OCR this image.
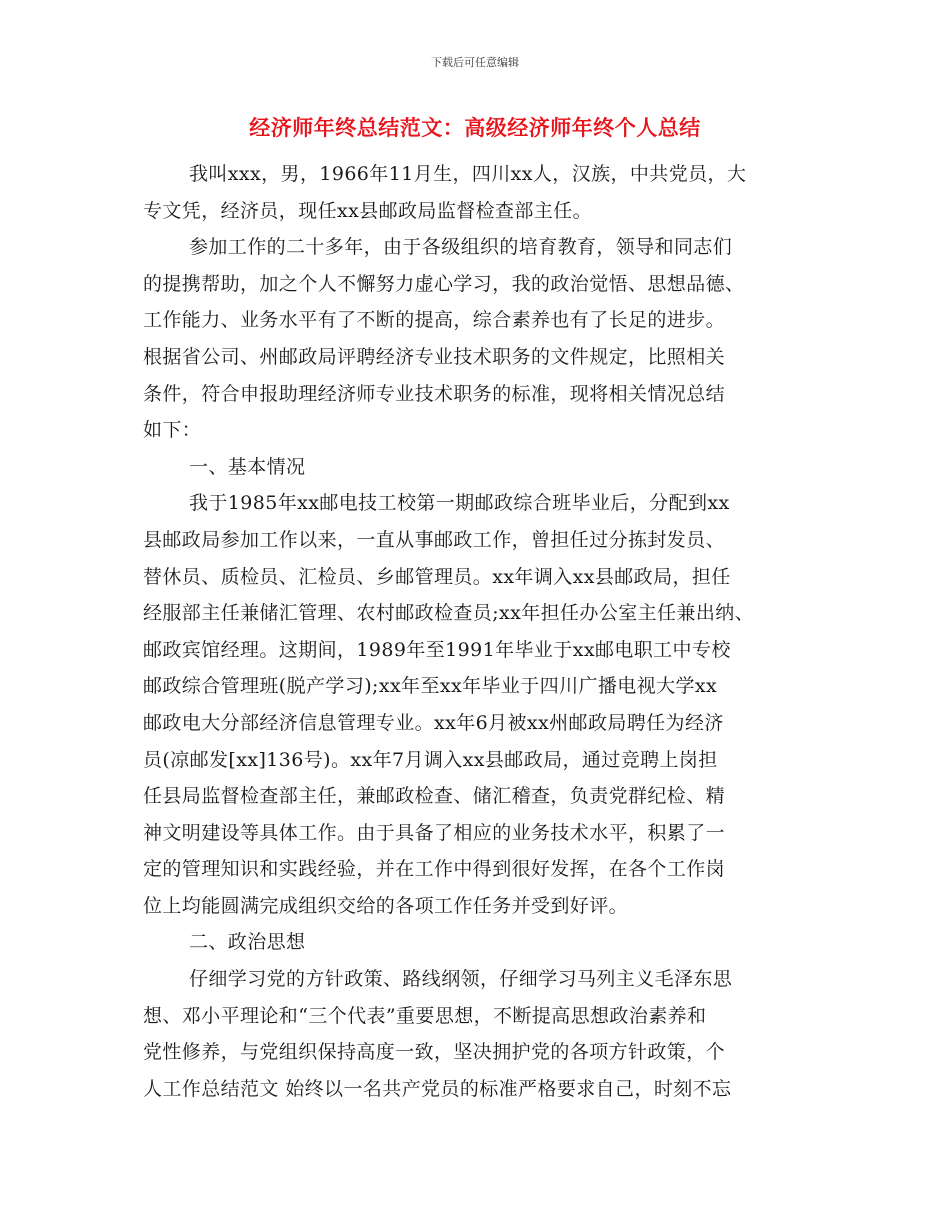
下载后可任意编辑
经济师年终总结范文：高级经济师年终个人总结
我叫xxx，男，1966年11月生，四川xx人，汉族，中共党员，大
专文凭，经济员，现任xx县邮政局监督检查部主任。
参加工作的二十多年，由于各级组织的培育教育，领导和同志们
的提携帮助，加之个人不懈努力虚心学习，我的政治觉悟、思想品德、
工作能力、业务水平有了不断的提高，综合素养也有了长足的进步。
根据省公司、州邮政局评聘经济专业技术职务的文件规定，比照相关
条件，符合申报助理经济师专业技术职务的标准，现将相关情况总结
如下：
一、基本情况
我于1985年xx邮电技工校第一期邮政综合班毕业后，分配到xx
县邮政局参加工作以来，一直从事邮政工作，曾担任过分拣封发员、
替休员、质检员、汇检员、乡邮管理员。xx年调入xx县邮政局，担任
经服部主任兼储汇管理、农村邮政检查员;xx年担任办公室主任兼出纳、
邮政宾馆经理。这期间，1989年至1991年毕业于xx邮电职工中专校
邮政综合管理班(脱产学习);xx年至xx年毕业于四川广播电视大学xx
邮政电大分部经济信息管理专业。xx年6月被xx州邮政局聘任为经济
员(凉邮发[xx]136号)。xx年7月调入xx县邮政局，通过竞聘上岗担
任县局监督检查部主任，兼邮政检查、储汇稽查，负责党群纪检、精
神文明建设等具体工作。由于具备了相应的业务技术水平，积累了一
定的管理知识和实践经验，并在工作中得到很好发挥，在各个工作岗
位上均能圆满完成组织交给的各项工作任务并受到好评。
二、政治思想
仔细学习党的方针政策、路线纲领，仔细学习马列主义毛泽东思
想、邓小平理论和“三个代表”重要思想，不断提高思想政治素养和
党性修养，与党组织保持高度一致，坚决拥护党的各项方针政策，个
人工作总结范文 始终以一名共产党员的标准严格要求自己，时刻不忘
